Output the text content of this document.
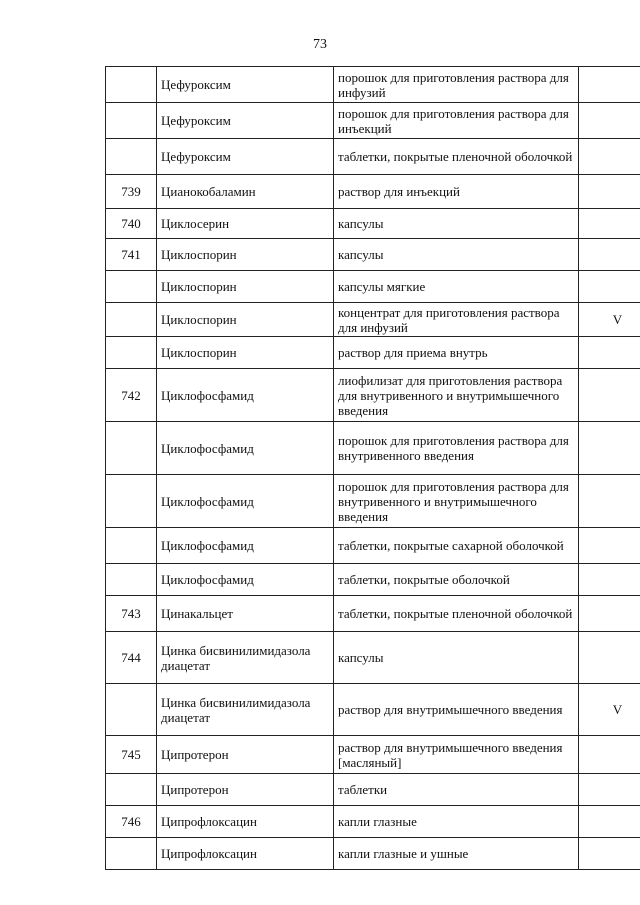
73
	Цефуроксим	порошок для приготовления раствора для инфузий	
	Цефуроксим	порошок для приготовления раствора для инъекций	
	Цефуроксим	таблетки, покрытые пленочной оболочкой	
739	Цианокобаламин	раствор для инъекций	
740	Циклосерин	капсулы	
741	Циклоспорин	капсулы	
	Циклоспорин	капсулы мягкие	
	Циклоспорин	концентрат для приготовления раствора для инфузий	V
	Циклоспорин	раствор для приема внутрь	
742	Циклофосфамид	лиофилизат для приготовления раствора для внутривенного и внутримышечного введения	
	Циклофосфамид	порошок для приготовления раствора для внутривенного введения	
	Циклофосфамид	порошок для приготовления раствора для внутривенного и внутримышечного введения	
	Циклофосфамид	таблетки, покрытые сахарной оболочкой	
	Циклофосфамид	таблетки, покрытые оболочкой	
743	Цинакальцет	таблетки, покрытые пленочной оболочкой	
744	Цинка бисвинилимидазола диацетат	капсулы	
	Цинка бисвинилимидазола диацетат	раствор для внутримышечного введения	V
745	Ципротерон	раствор для внутримышечного введения [масляный]	
	Ципротерон	таблетки	
746	Ципрофлоксацин	капли глазные	
	Ципрофлоксацин	капли глазные и ушные	
